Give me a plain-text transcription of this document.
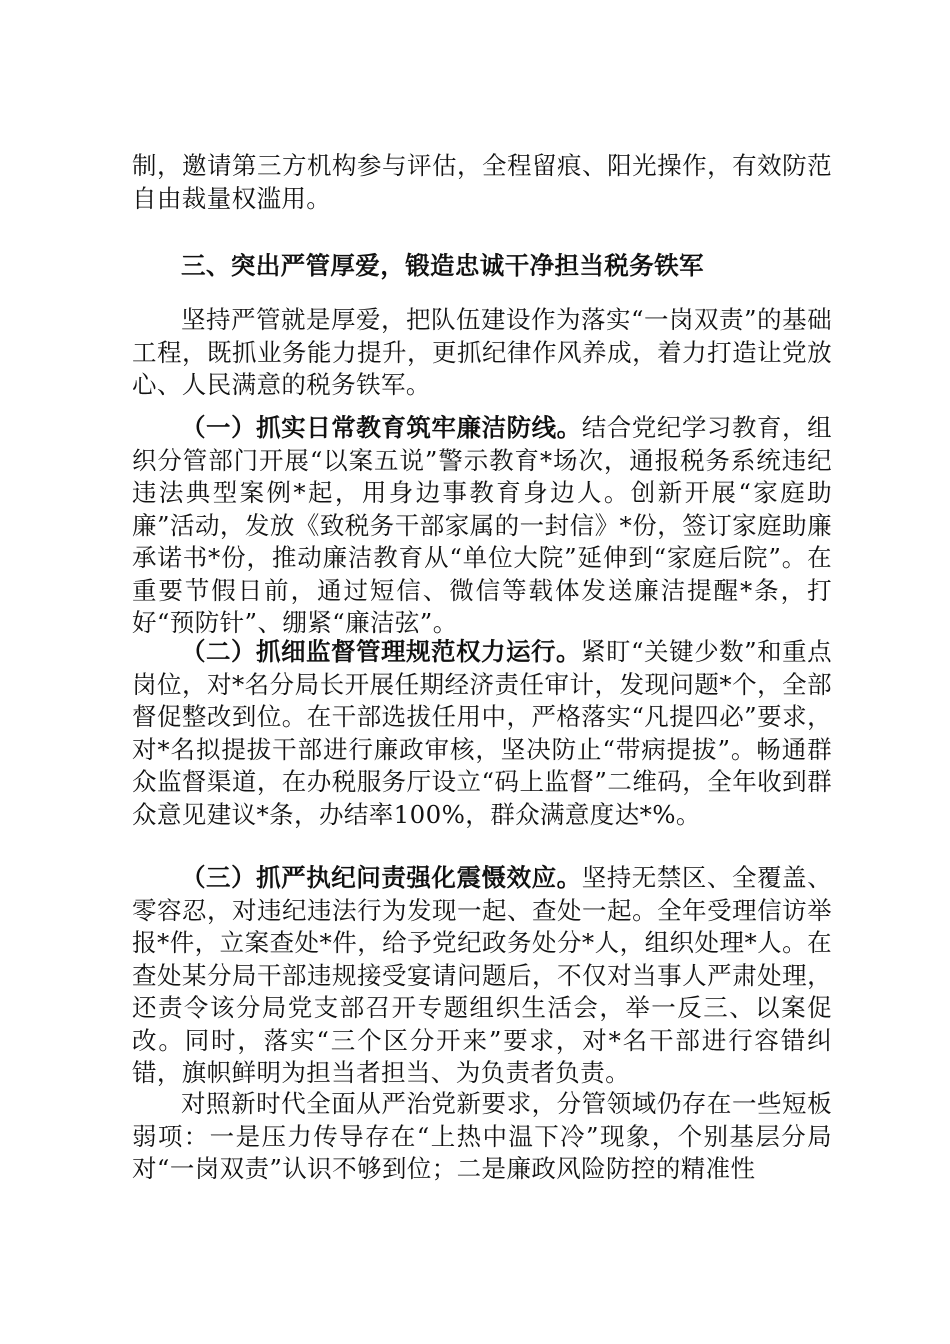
制，邀请第三方机构参与评估，全程留痕、阳光操作，有效防范自由裁量权滥用。

三、突出严管厚爱，锻造忠诚干净担当税务铁军

坚持严管就是厚爱，把队伍建设作为落实“一岗双责”的基础工程，既抓业务能力提升，更抓纪律作风养成，着力打造让党放心、人民满意的税务铁军。

（一）抓实日常教育筑牢廉洁防线。结合党纪学习教育，组织分管部门开展“以案五说”警示教育*场次，通报税务系统违纪违法典型案例*起，用身边事教育身边人。创新开展“家庭助廉”活动，发放《致税务干部家属的一封信》*份，签订家庭助廉承诺书*份，推动廉洁教育从“单位大院”延伸到“家庭后院”。在重要节假日前，通过短信、微信等载体发送廉洁提醒*条，打好“预防针”、绷紧“廉洁弦”。

（二）抓细监督管理规范权力运行。紧盯“关键少数”和重点岗位，对*名分局长开展任期经济责任审计，发现问题*个，全部督促整改到位。在干部选拔任用中，严格落实“凡提四必”要求，对*名拟提拔干部进行廉政审核，坚决防止“带病提拔”。畅通群众监督渠道，在办税服务厅设立“码上监督”二维码，全年收到群众意见建议*条，办结率100%，群众满意度达*%。

（三）抓严执纪问责强化震慑效应。坚持无禁区、全覆盖、零容忍，对违纪违法行为发现一起、查处一起。全年受理信访举报*件，立案查处*件，给予党纪政务处分*人，组织处理*人。在查处某分局干部违规接受宴请问题后，不仅对当事人严肃处理，还责令该分局党支部召开专题组织生活会，举一反三、以案促改。同时，落实“三个区分开来”要求，对*名干部进行容错纠错，旗帜鲜明为担当者担当、为负责者负责。

对照新时代全面从严治党新要求，分管领域仍存在一些短板弱项：一是压力传导存在“上热中温下冷”现象，个别基层分局对“一岗双责”认识不够到位；二是廉政风险防控的精准性
